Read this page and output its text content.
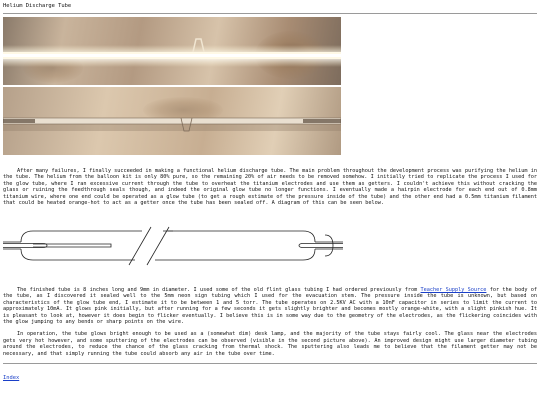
Helium Discharge Tube

After many failures, I finally succeeded in making a functional helium discharge tube. The main problem throughout the development process was purifying the helium in the tube. The helium from the balloon kit is only 80% pure, so the remaining 20% of air needs to be removed somehow. I initially tried to replicate the process I used for the glow tube, where I ran excessive current through the tube to overheat the titanium electrodes and use them as getters. I couldn't achieve this without cracking the glass or ruining the feedthrough seals though, and indeed the original glow tube no longer functions. I eventually made a hairpin electrode for each end out of 0.8mm titanium wire, where one end could be operated as a glow tube (to get a rough estimate of the pressure inside of the tube) and the other end had a 0.5mm titanium filament that could be heated orange-hot to act as a getter once the tube has been sealed off. A diagram of this can be seen below.

The finished tube is 8 inches long and 9mm in diameter. I used some of the old flint glass tubing I had ordered previously from Teacher Supply Source for the body of the tube, as I discovered it sealed well to the 5mm neon sign tubing which I used for the evacuation stem. The pressure inside the tube is unknown, but based on characteristics of the glow tube end, I estimate it to be between 1 and 5 torr. The tube operates on 2.5KV AC with a 10nF capacitor in series to limit the current to approximately 10mA. It glows pink initially, but after running for a few seconds it gets slightly brighter and becomes mostly orange-white, with a slight pinkish hue. It is pleasant to look at, however it does begin to flicker eventually. I believe this is in some way due to the geometry of the electrodes, as the flickering coincides with the glow jumping to any bends or sharp points on the wire.

In operation, the tube glows bright enough to be used as a (somewhat dim) desk lamp, and the majority of the tube stays fairly cool. The glass near the electrodes gets very hot however, and some sputtering of the electrodes can be observed (visible in the second picture above). An improved design might use larger diameter tubing around the electrodes, to reduce the chance of the glass cracking from thermal shock. The sputtering also leads me to believe that the filament getter may not be necessary, and that simply running the tube could absorb any air in the tube over time.

Index
